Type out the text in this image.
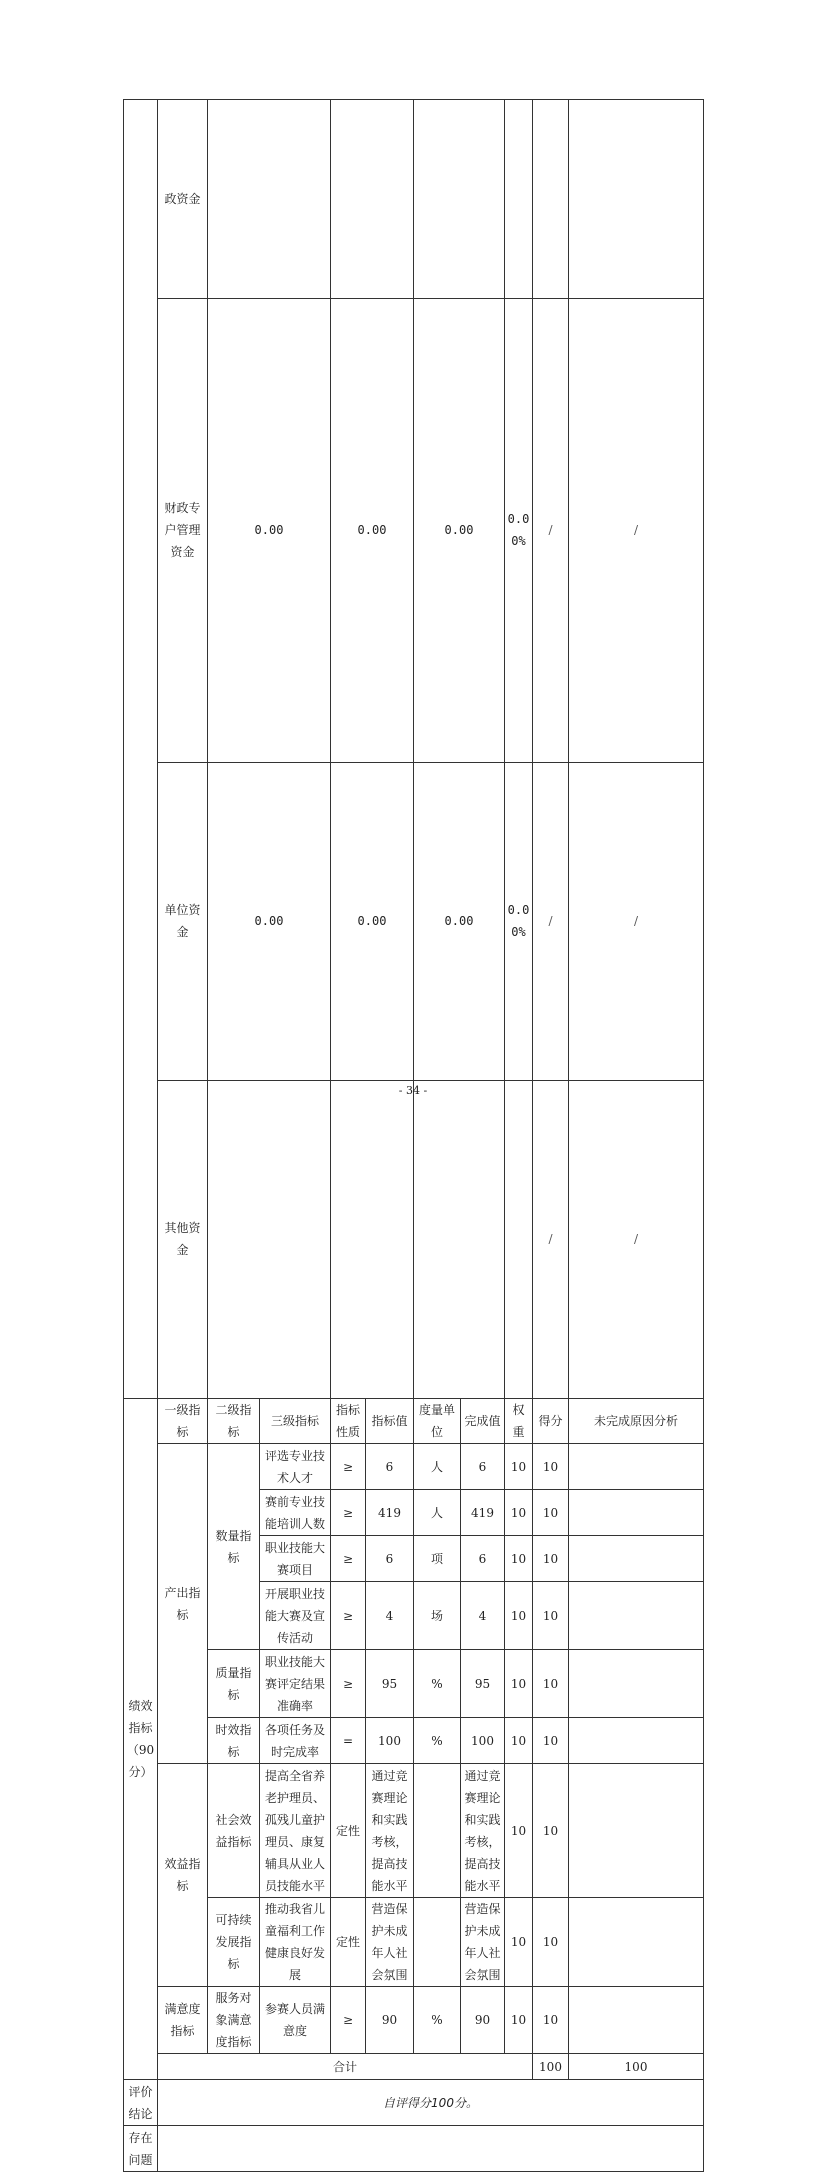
	政资金							
	财政专户管理资金	0.00		0.00		0.00		0.00%	/	/	
	单位资金	0.00		0.00		0.00		0.00%	/	/	
	其他资金								/	/	
绩效指标（90分）	一级指标	二级指标	三级指标	指标性质	指标值	度量单位	完成值	权重	得分	未完成原因分析	
	产出指标	数量指标	评选专业技术人才	≥	6	人	6	10	10		
			赛前专业技能培训人数	≥	419	人	419	10	10		
			职业技能大赛项目	≥	6	项	6	10	10		
			开展职业技能大赛及宣传活动	≥	4	场	4	10	10		
		质量指标	职业技能大赛评定结果准确率	≥	95	%	95	10	10		
		时效指标	各项任务及时完成率	=	100	%	100	10	10		
	效益指标	社会效益指标	提高全省养老护理员、孤残儿童护理员、康复辅具从业人员技能水平	定性	通过竞赛理论和实践考核，提高技能水平		通过竞赛理论和实践考核，提高技能水平	10	10		
		可持续发展指标	推动我省儿童福利工作健康良好发展	定性	营造保护未成年人社会氛围		营造保护未成年人社会氛围	10	10		
	满意度指标	服务对象满意度指标	参赛人员满意度	≥	90	%	90	10	10		
	合计								100	100	
评价结论	自评得分100分。										
存在问题											
- 34 -
